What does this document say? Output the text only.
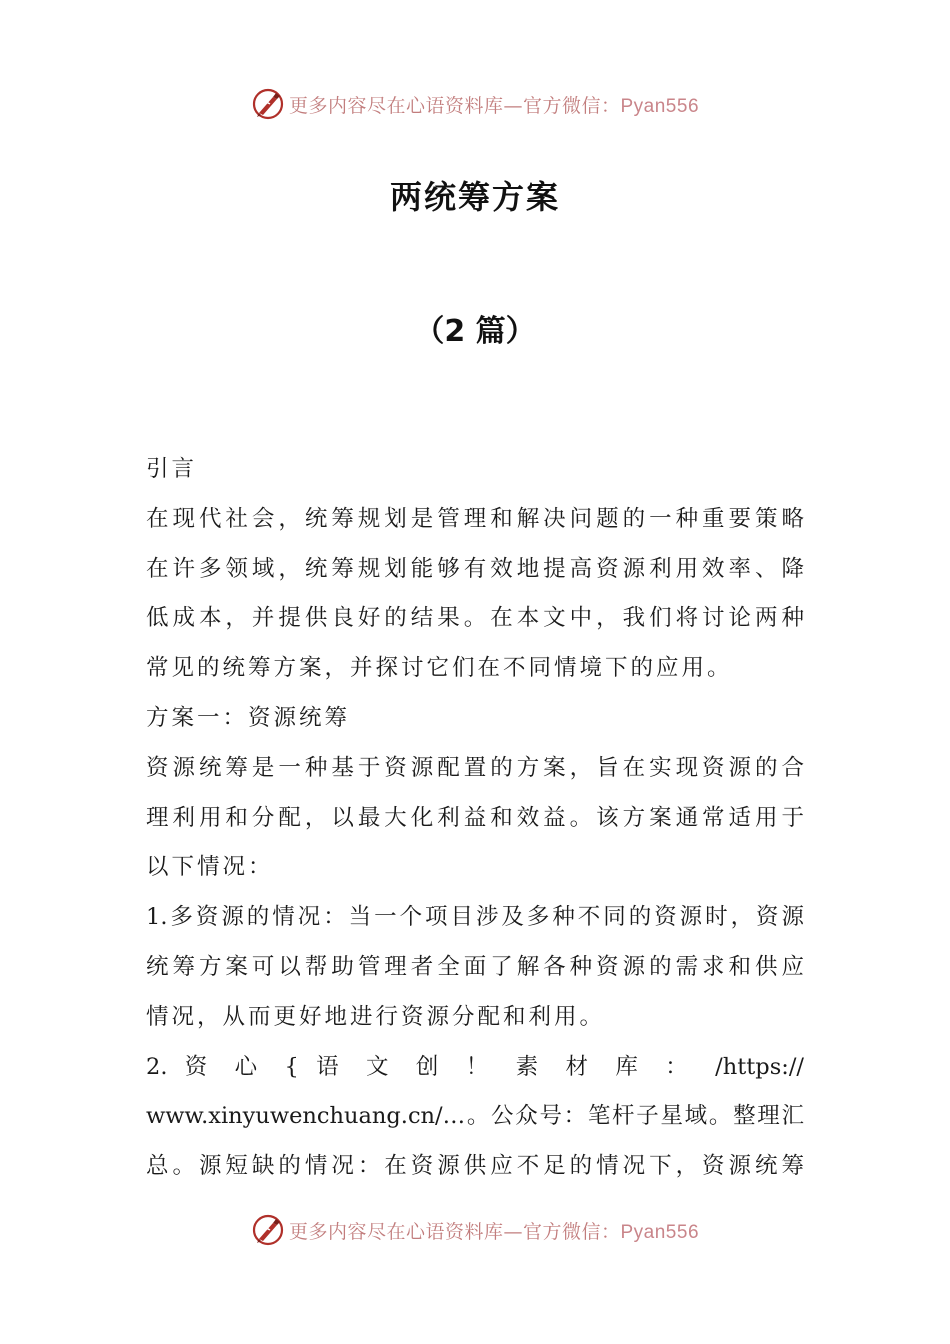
更多内容尽在心语资料库—官方微信：Pyan556
两统筹方案
（2 篇）
引言
在现代社会，统筹规划是管理和解决问题的一种重要策略
在许多领域，统筹规划能够有效地提高资源利用效率、降
低成本，并提供良好的结果。在本文中，我们将讨论两种
常见的统筹方案，并探讨它们在不同情境下的应用。
方案一：资源统筹
资源统筹是一种基于资源配置的方案，旨在实现资源的合
理利用和分配，以最大化利益和效益。该方案通常适用于
以下情况：
1.多资源的情况：当一个项目涉及多种不同的资源时，资源
统筹方案可以帮助管理者全面了解各种资源的需求和供应
情况，从而更好地进行资源分配和利用。
2. 资 心 { 语 文 创 ！ 素 材 库 ： /https://
www.xinyuwenchuang.cn/…。公众号：笔杆子星域。整理汇
总。源短缺的情况：在资源供应不足的情况下，资源统筹
更多内容尽在心语资料库—官方微信：Pyan556
